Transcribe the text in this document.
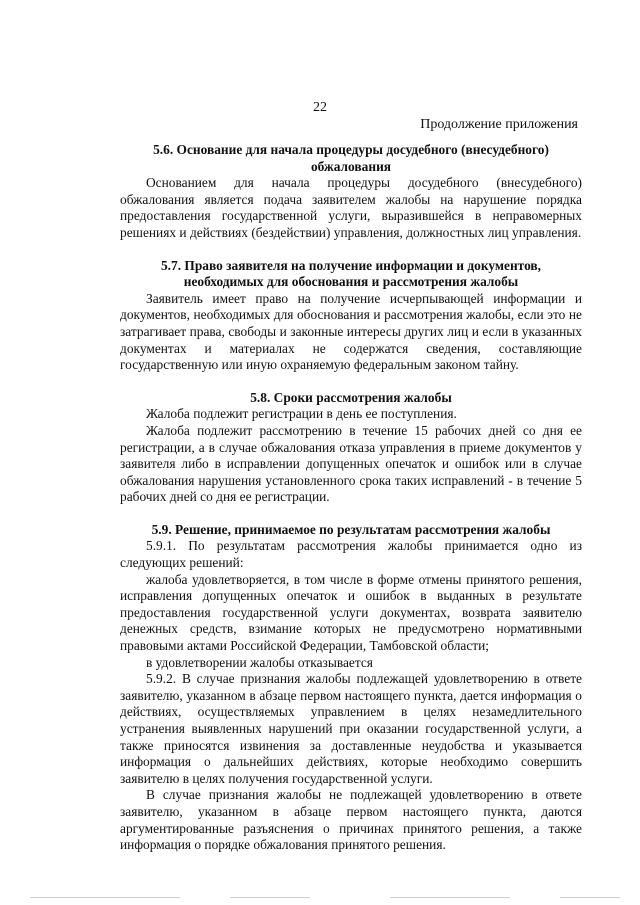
22
Продолжение приложения

5.6. Основание для начала процедуры досудебного (внесудебного) обжалования

Основанием для начала процедуры досудебного (внесудебного) обжалования является подача заявителем жалобы на нарушение порядка предоставления государственной услуги, выразившейся в неправомерных решениях и действиях (бездействии) управления, должностных лиц управления.

5.7. Право заявителя на получение информации и документов, необходимых для обоснования и рассмотрения жалобы

Заявитель имеет право на получение исчерпывающей информации и документов, необходимых для обоснования и рассмотрения жалобы, если это не затрагивает права, свободы и законные интересы других лиц и если в указанных документах и материалах не содержатся сведения, составляющие государственную или иную охраняемую федеральным законом тайну.

5.8. Сроки рассмотрения жалобы

Жалоба подлежит регистрации в день ее поступления.

Жалоба подлежит рассмотрению в течение 15 рабочих дней со дня ее регистрации, а в случае обжалования отказа управления в приеме документов у заявителя либо в исправлении допущенных опечаток и ошибок или в случае обжалования нарушения установленного срока таких исправлений - в течение 5 рабочих дней со дня ее регистрации.

5.9. Решение, принимаемое по результатам рассмотрения жалобы

5.9.1. По результатам рассмотрения жалобы принимается одно из следующих решений:

жалоба удовлетворяется, в том числе в форме отмены принятого решения, исправления допущенных опечаток и ошибок в выданных в результате предоставления государственной услуги документах, возврата заявителю денежных средств, взимание которых не предусмотрено нормативными правовыми актами Российской Федерации, Тамбовской области;

в удовлетворении жалобы отказывается

5.9.2. В случае признания жалобы подлежащей удовлетворению в ответе заявителю, указанном в абзаце первом настоящего пункта, дается информация о действиях, осуществляемых управлением в целях незамедлительного устранения выявленных нарушений при оказании государственной услуги, а также приносятся извинения за доставленные неудобства и указывается информация о дальнейших действиях, которые необходимо совершить заявителю в целях получения государственной услуги.

В случае признания жалобы не подлежащей удовлетворению в ответе заявителю, указанном в абзаце первом настоящего пункта, даются аргументированные разъяснения о причинах принятого решения, а также информация о порядке обжалования принятого решения.
